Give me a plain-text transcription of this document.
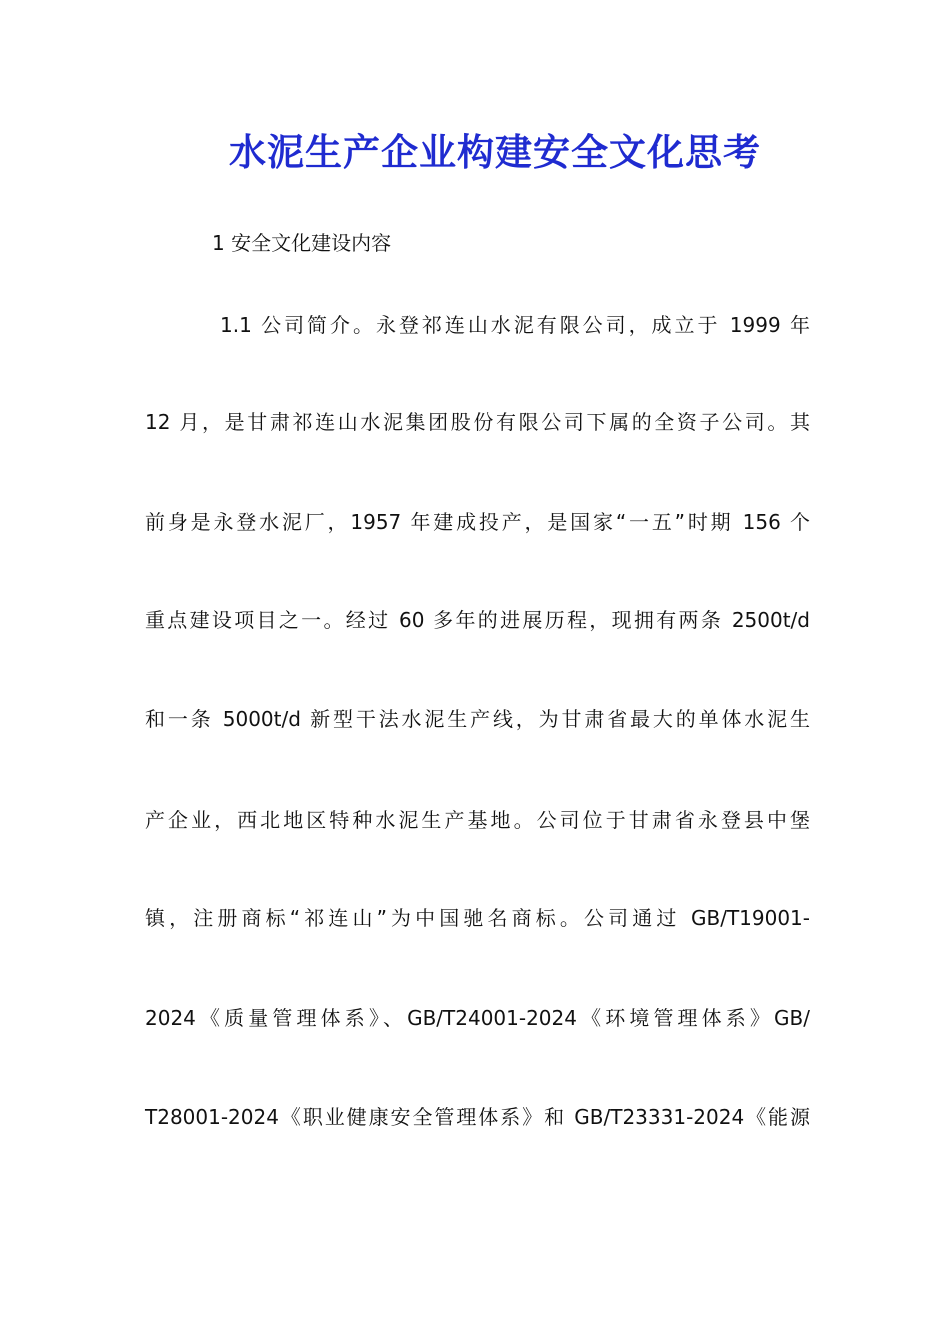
水泥生产企业构建安全文化思考

1 安全文化建设内容

1.1 公司简介。永登祁连山水泥有限公司，成立于 1999 年
12 月，是甘肃祁连山水泥集团股份有限公司下属的全资子公司。其
前身是永登水泥厂，1957 年建成投产，是国家“一五”时期 156 个
重点建设项目之一。经过 60 多年的进展历程，现拥有两条 2500t/d
和一条 5000t/d 新型干法水泥生产线，为甘肃省最大的单体水泥生
产企业，西北地区特种水泥生产基地。公司位于甘肃省永登县中堡
镇，注册商标“祁连山”为中国驰名商标。公司通过 GB/T19001-
2024《质量管理体系》、GB/T24001-2024《环境管理体系》GB/
T28001-2024《职业健康安全管理体系》和 GB/T23331-2024《能源
